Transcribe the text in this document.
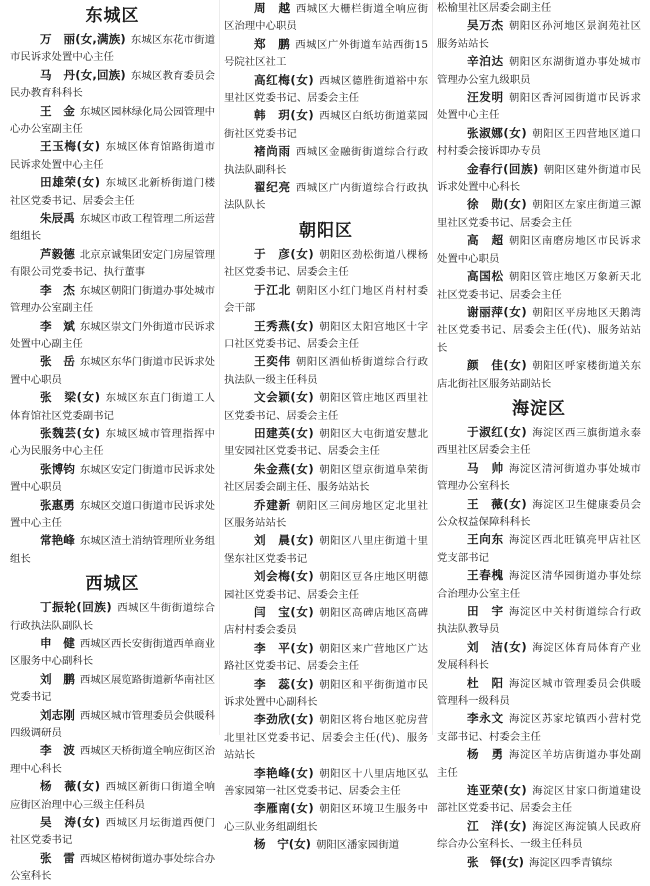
东城区

万　丽(女,满族) 东城区东花市街道市民诉求处置中心主任

马　丹(女,回族) 东城区教育委员会民办教育科科长

王　金 东城区园林绿化局公园管理中心办公室副主任

王玉梅(女) 东城区体育馆路街道市民诉求处置中心主任

田雄荣(女) 东城区北新桥街道门楼社区党委书记、居委会主任

朱辰禹 东城区市政工程管理二所运营组组长

芦毅德 北京京诚集团安定门房屋管理有限公司党委书记、执行董事

李　杰 东城区朝阳门街道办事处城市管理办公室副主任

李　斌 东城区崇文门外街道市民诉求处置中心副主任

张　岳 东城区东华门街道市民诉求处置中心职员

张　梁(女) 东城区东直门街道工人体育馆社区党委副书记

张魏芸(女) 东城区城市管理指挥中心为民服务中心主任

张博钧 东城区安定门街道市民诉求处置中心职员

张惠勇 东城区交道口街道市民诉求处置中心主任

常艳峰 东城区渣土消纳管理所业务组组长

西城区

丁振轮(回族) 西城区牛街街道综合行政执法队副队长

申　健 西城区西长安街街道西单商业区服务中心副科长

刘　鹏 西城区展览路街道新华南社区党委书记

刘志刚 西城区城市管理委员会供暖科四级调研员

李　波 西城区天桥街道全响应街区治理中心科长

杨　薇(女) 西城区新街口街道全响应街区治理中心三级主任科员

吴　涛(女) 西城区月坛街道西便门社区党委书记

张　雷 西城区椿树街道办事处综合办公室科长

周　越 西城区大栅栏街道全响应街区治理中心职员

郑　鹏 西城区广外街道车站西街15号院社区社工

高红梅(女) 西城区德胜街道裕中东里社区党委书记、居委会主任

韩　玥(女) 西城区白纸坊街道菜园街社区党委书记

褚尚雨 西城区金融街街道综合行政执法队副科长

翟纪亮 西城区广内街道综合行政执法队队长

朝阳区

于　彦(女) 朝阳区劲松街道八棵杨社区党委书记、居委会主任

于江北 朝阳区小红门地区肖村村委会干部

王秀燕(女) 朝阳区太阳宫地区十字口社区党委书记、居委会主任

王奕伟 朝阳区酒仙桥街道综合行政执法队一级主任科员

文会颖(女) 朝阳区管庄地区西里社区党委书记、居委会主任

田建英(女) 朝阳区大屯街道安慧北里安园社区党委书记、居委会主任

朱金燕(女) 朝阳区望京街道阜荣街社区居委会副主任、服务站站长

乔建新 朝阳区三间房地区定北里社区服务站站长

刘　晨(女) 朝阳区八里庄街道十里堡东社区党委书记

刘会梅(女) 朝阳区豆各庄地区明德园社区党委书记、居委会主任

闫　宝(女) 朝阳区高碑店地区高碑店村村委会委员

李　平(女) 朝阳区来广营地区广达路社区党委书记、居委会主任

李　蕊(女) 朝阳区和平街街道市民诉求处置中心副科长

李劲欣(女) 朝阳区将台地区驼房营北里社区党委书记、居委会主任(代)、服务站站长

李艳峰(女) 朝阳区十八里店地区弘善家园第一社区党委书记、居委会主任

李雁南(女) 朝阳区环境卫生服务中心三队业务组副组长

杨　宁(女) 朝阳区潘家园街道

松榆里社区居委会副主任

吴万杰 朝阳区孙河地区景润苑社区服务站站长

辛泊达 朝阳区东湖街道办事处城市管理办公室九级职员

汪发明 朝阳区香河园街道市民诉求处置中心主任

张淑娜(女) 朝阳区王四营地区道口村村委会接诉即办专员

金春行(回族) 朝阳区建外街道市民诉求处置中心科长

徐　勋(女) 朝阳区左家庄街道三源里社区党委书记、居委会主任

高　超 朝阳区南磨房地区市民诉求处置中心职员

高国松 朝阳区管庄地区万象新天北社区党委书记、居委会主任

谢丽萍(女) 朝阳区平房地区天鹅湾社区党委书记、居委会主任(代)、服务站站长

颜　佳(女) 朝阳区呼家楼街道关东店北街社区服务站副站长

海淀区

于淑红(女) 海淀区西三旗街道永泰西里社区居委会主任

马　帅 海淀区清河街道办事处城市管理办公室科长

王　薇(女) 海淀区卫生健康委员会公众权益保障科科长

王向东 海淀区西北旺镇亮甲店社区党支部书记

王春槐 海淀区清华园街道办事处综合治理办公室主任

田　宇 海淀区中关村街道综合行政执法队教导员

刘　洁(女) 海淀区体育局体育产业发展科科长

杜　阳 海淀区城市管理委员会供暖管理科一级科员

李永文 海淀区苏家坨镇西小营村党支部书记、村委会主任

杨　勇 海淀区羊坊店街道办事处副主任

连亚荣(女) 海淀区甘家口街道建设部社区党委书记、居委会主任

江　洋(女) 海淀区海淀镇人民政府综合办公室科长、一级主任科员

张　铎(女) 海淀区四季青镇综
